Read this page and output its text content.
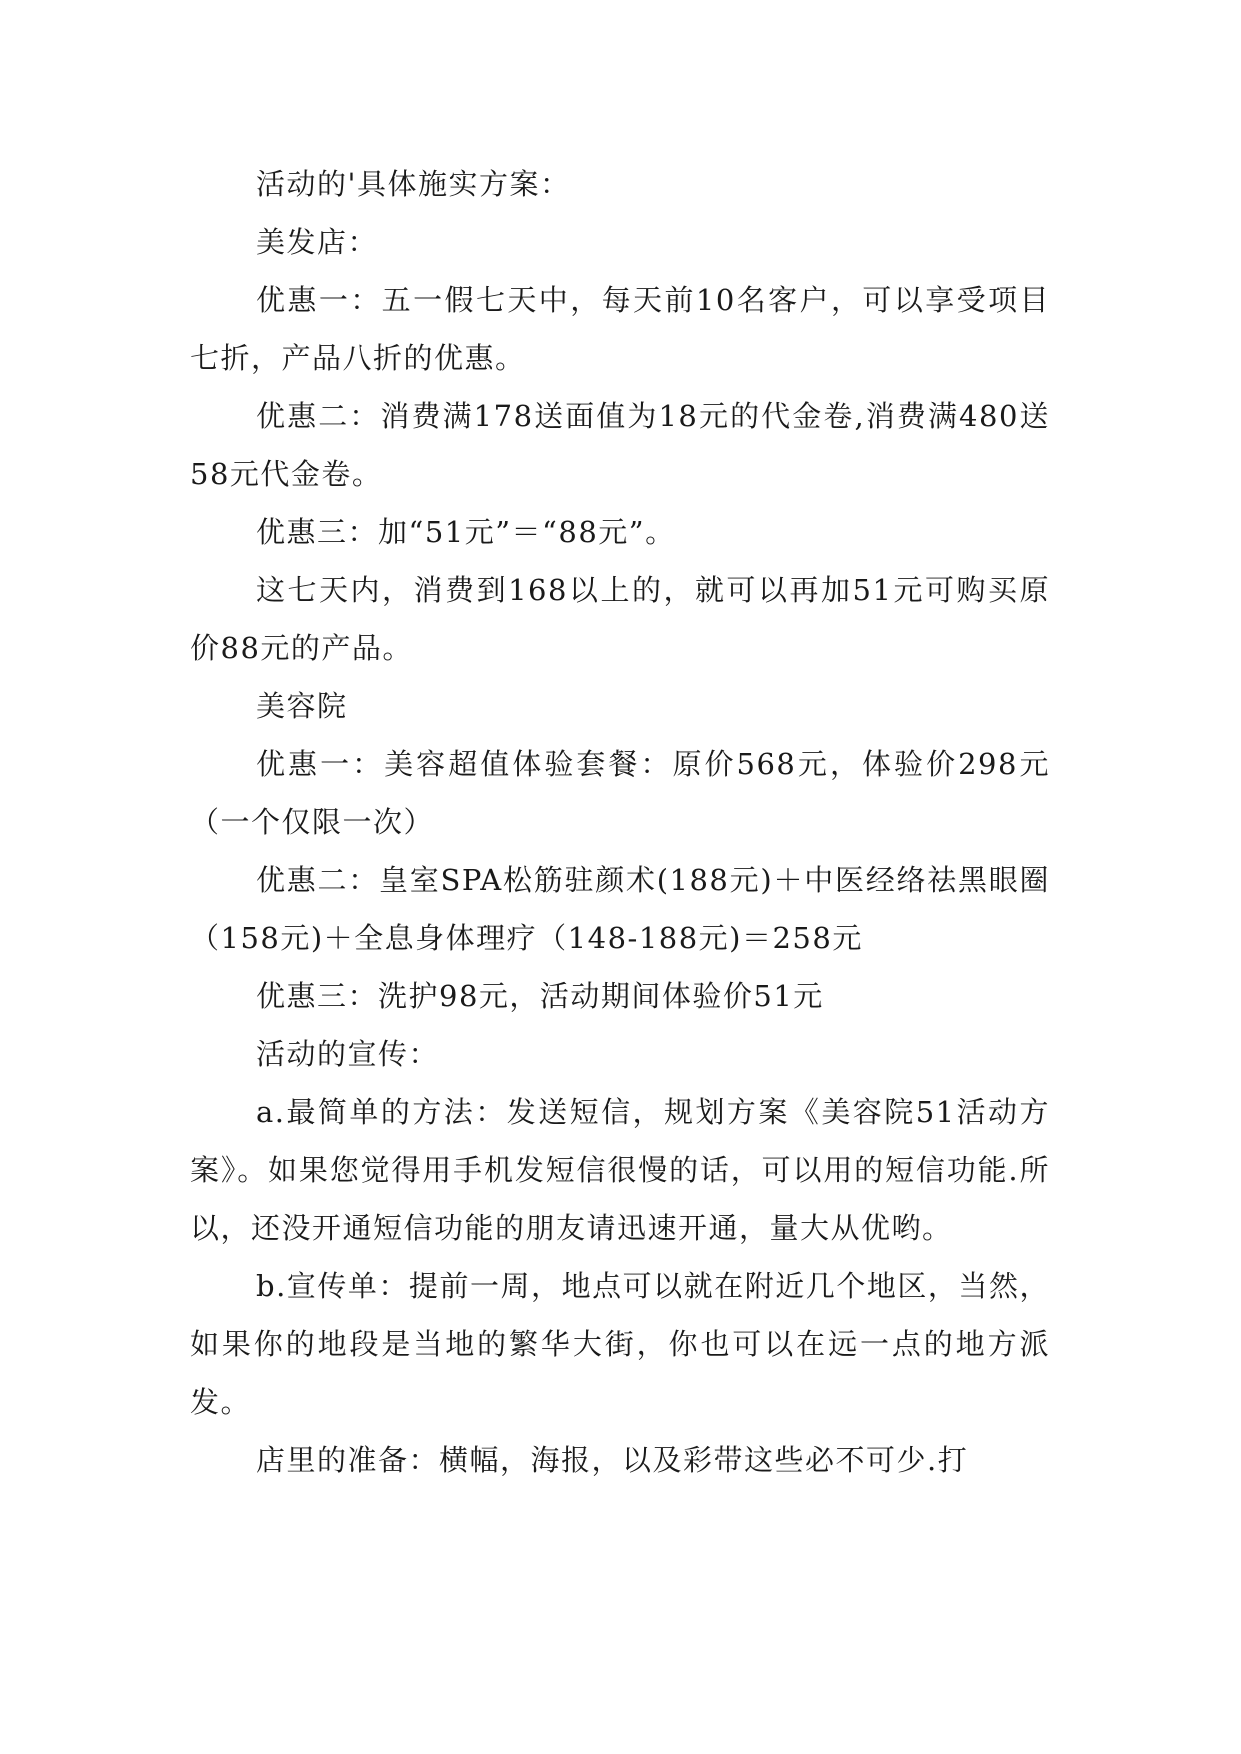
活动的'具体施实方案：

美发店：

优惠一：五一假七天中，每天前10名客户，可以享受项目七折，产品八折的优惠。

优惠二：消费满178送面值为18元的代金卷,消费满480送58元代金卷。

优惠三：加“51元”＝“88元”。

这七天内，消费到168以上的，就可以再加51元可购买原价88元的产品。

美容院

优惠一：美容超值体验套餐：原价568元，体验价298元（一个仅限一次）

优惠二：皇室SPA松筋驻颜术(188元)＋中医经络祛黑眼圈（158元)＋全息身体理疗（148-188元)＝258元

优惠三：洗护98元，活动期间体验价51元

活动的宣传：

a.最简单的方法：发送短信，规划方案《美容院51活动方案》。如果您觉得用手机发短信很慢的话，可以用的短信功能.所以，还没开通短信功能的朋友请迅速开通，量大从优哟。

b.宣传单：提前一周，地点可以就在附近几个地区，当然，如果你的地段是当地的繁华大街，你也可以在远一点的地方派发。

店里的准备：横幅，海报，以及彩带这些必不可少.打
